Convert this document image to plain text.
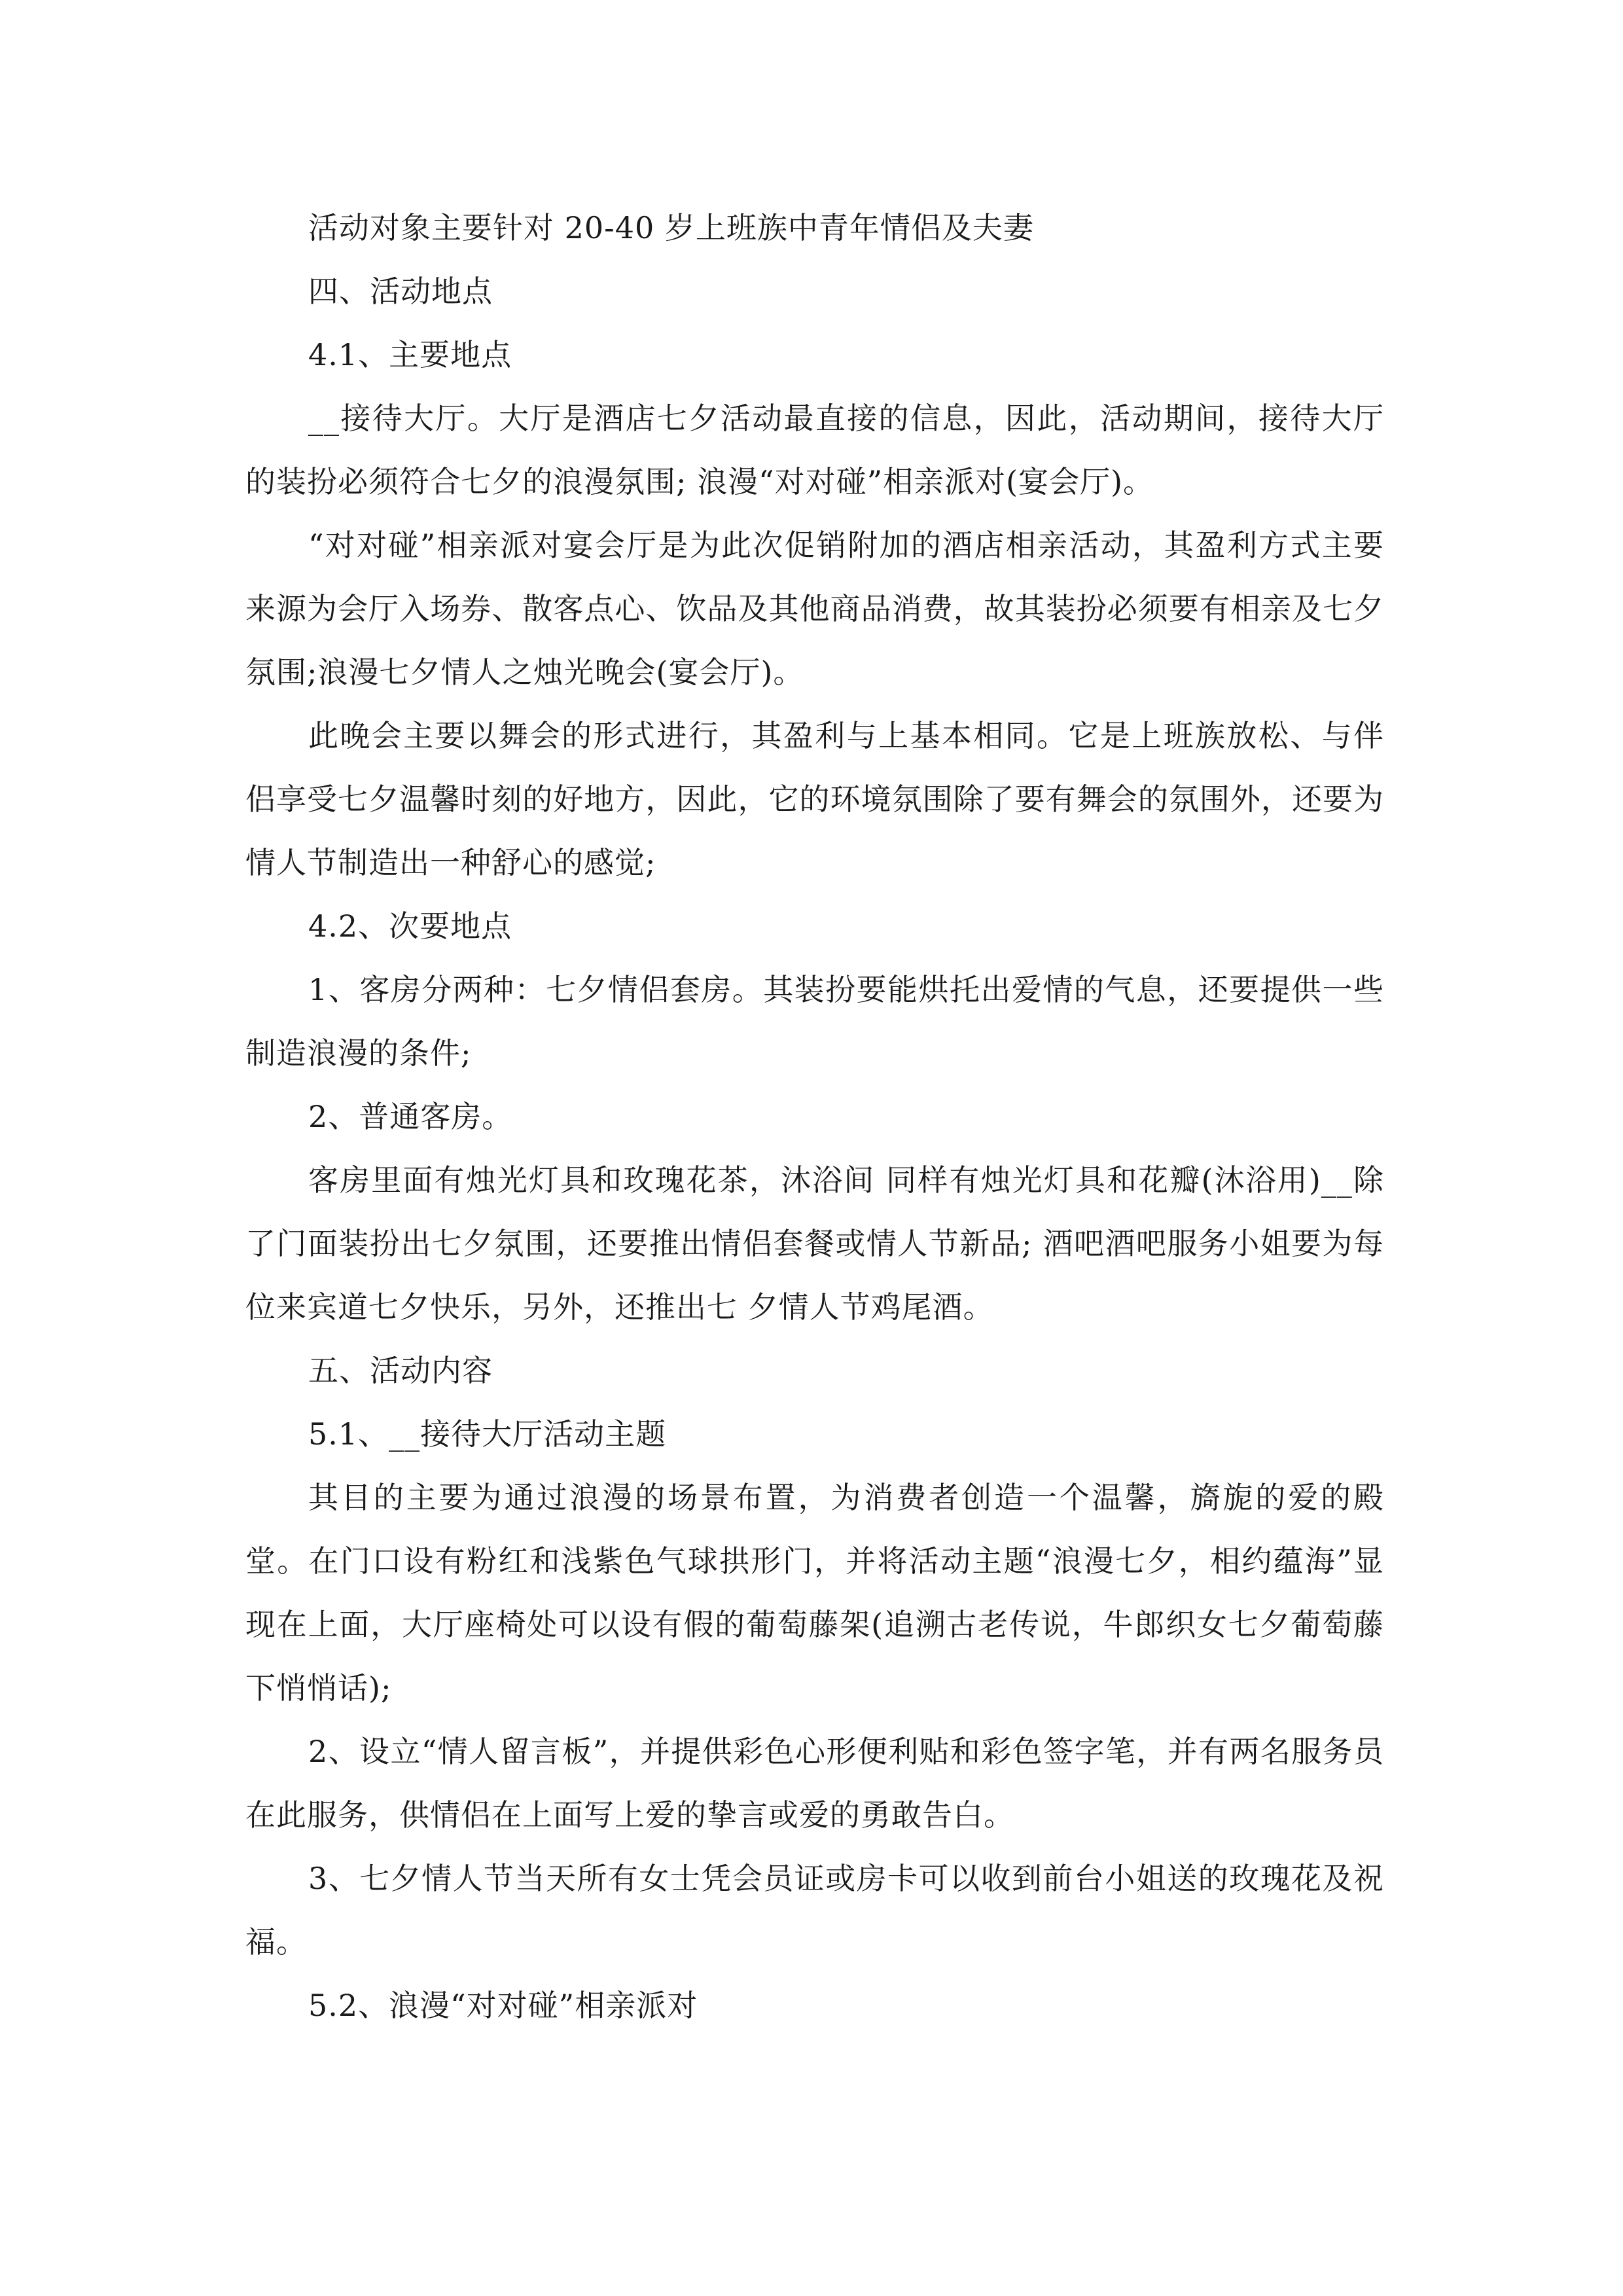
活动对象主要针对 20-40 岁上班族中青年情侣及夫妻

四、活动地点

4.1、主要地点

__接待大厅。大厅是酒店七夕活动最直接的信息，因此，活动期间，接待大厅的装扮必须符合七夕的浪漫氛围; 浪漫“对对碰”相亲派对(宴会厅)。

“对对碰”相亲派对宴会厅是为此次促销附加的酒店相亲活动，其盈利方式主要来源为会厅入场券、散客点心、饮品及其他商品消费，故其装扮必须要有相亲及七夕氛围;浪漫七夕情人之烛光晚会(宴会厅)。

此晚会主要以舞会的形式进行，其盈利与上基本相同。它是上班族放松、与伴侣享受七夕温馨时刻的好地方，因此，它的环境氛围除了要有舞会的氛围外，还要为情人节制造出一种舒心的感觉;

4.2、次要地点

1、客房分两种：七夕情侣套房。其装扮要能烘托出爱情的气息，还要提供一些制造浪漫的条件;

2、普通客房。

客房里面有烛光灯具和玫瑰花茶，沐浴间 同样有烛光灯具和花瓣(沐浴用)__除了门面装扮出七夕氛围，还要推出情侣套餐或情人节新品; 酒吧酒吧服务小姐要为每位来宾道七夕快乐，另外，还推出七 夕情人节鸡尾酒。

五、活动内容

5.1、__接待大厅活动主题

其目的主要为通过浪漫的场景布置，为消费者创造一个温馨，旖旎的爱的殿堂。在门口设有粉红和浅紫色气球拱形门，并将活动主题“浪漫七夕，相约蕴海”显现在上面，大厅座椅处可以设有假的葡萄藤架(追溯古老传说，牛郎织女七夕葡萄藤下悄悄话);

2、设立“情人留言板”，并提供彩色心形便利贴和彩色签字笔，并有两名服务员在此服务，供情侣在上面写上爱的挚言或爱的勇敢告白。

3、七夕情人节当天所有女士凭会员证或房卡可以收到前台小姐送的玫瑰花及祝福。

5.2、浪漫“对对碰”相亲派对
